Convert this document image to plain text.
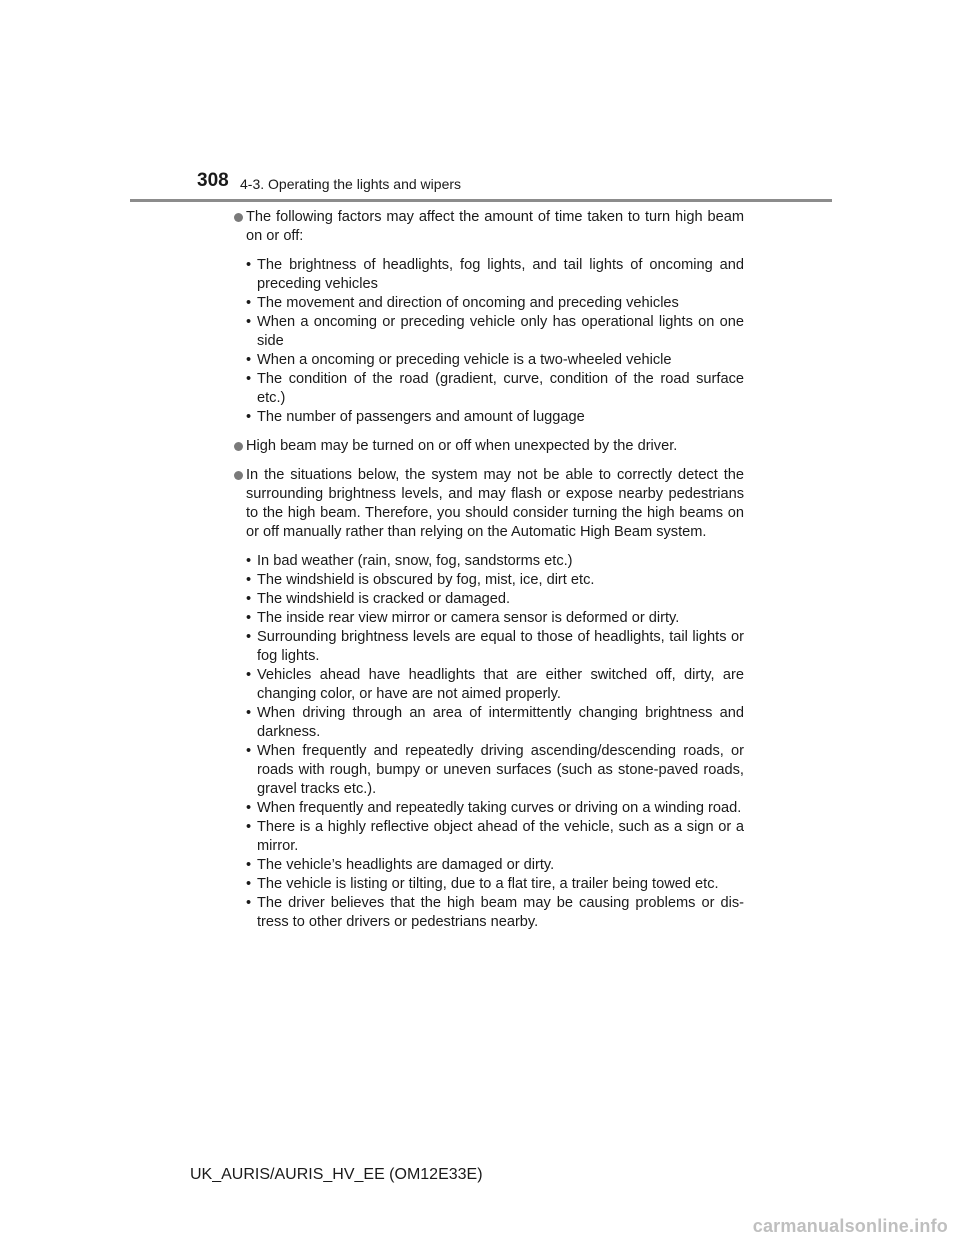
308 4-3. Operating the lights and wipers
The following factors may affect the amount of time taken to turn high beam on or off:
• The brightness of headlights, fog lights, and tail lights of oncoming and preceding vehicles
• The movement and direction of oncoming and preceding vehicles
• When a oncoming or preceding vehicle only has operational lights on one side
• When a oncoming or preceding vehicle is a two-wheeled vehicle
• The condition of the road (gradient, curve, condition of the road surface etc.)
• The number of passengers and amount of luggage
High beam may be turned on or off when unexpected by the driver.
In the situations below, the system may not be able to correctly detect the surrounding brightness levels, and may flash or expose nearby pedestrians to the high beam. Therefore, you should consider turning the high beams on or off manually rather than relying on the Automatic High Beam system.
• In bad weather (rain, snow, fog, sandstorms etc.)
• The windshield is obscured by fog, mist, ice, dirt etc.
• The windshield is cracked or damaged.
• The inside rear view mirror or camera sensor is deformed or dirty.
• Surrounding brightness levels are equal to those of headlights, tail lights or fog lights.
• Vehicles ahead have headlights that are either switched off, dirty, are changing color, or have are not aimed properly.
• When driving through an area of intermittently changing brightness and darkness.
• When frequently and repeatedly driving ascending/descending roads, or roads with rough, bumpy or uneven surfaces (such as stone-paved roads, gravel tracks etc.).
• When frequently and repeatedly taking curves or driving on a winding road.
• There is a highly reflective object ahead of the vehicle, such as a sign or a mirror.
• The vehicle’s headlights are damaged or dirty.
• The vehicle is listing or tilting, due to a flat tire, a trailer being towed etc.
• The driver believes that the high beam may be causing problems or dis-tress to other drivers or pedestrians nearby.
UK_AURIS/AURIS_HV_EE (OM12E33E)
carmanualsonline.info
